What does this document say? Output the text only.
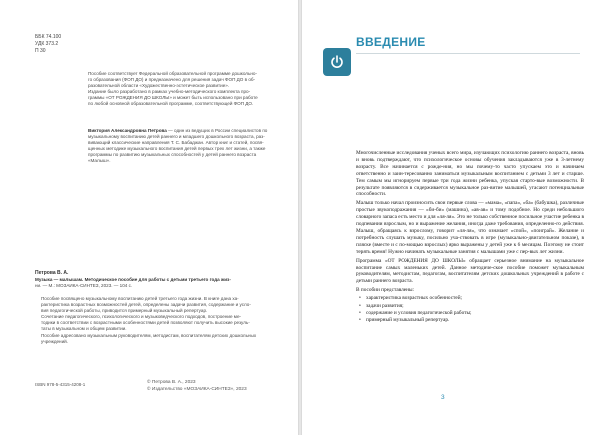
ББК 74.100
УДК 373.2
П 30

Пособие соответствует Федеральной образовательной программе дошкольно-

го образования (ФОП ДО) и предназначено для решения задач ФОП ДО в об-

разовательной области «Художественно-эстетическое развитие».

Издание было разработано в рамках учебно-методического комплекта про-

граммы «ОТ РОЖДЕНИЯ ДО ШКОЛЫ» и может быть использовано при работе

по любой основной образовательной программе, соответствующей ФОП ДО.

Виктория Александровна Петрова — один из ведущих в России специалистов по

музыкальному воспитанию детей раннего и младшего дошкольного возраста, раз-

вивающий классические направления Т. С. Бабаджан. Автор книг и статей, посвя-

щенных методике музыкального воспитания детей первых трех лет жизни, а также

программы по развитию музыкальных способностей у детей раннего возраста

«Малыш».

Петрова В. А.

Музыка — малышам. Методическое пособие для работы с детьми третьего года жиз-

ни. — М.: МОЗАИКА-СИНТЕЗ, 2023. — 104 с.

Пособие посвящено музыкальному воспитанию детей третьего года жизни. В книге дана ха-

рактеристика возрастных возможностей детей, определены задачи развития, содержание и усло-

вия педагогической работы, приводится примерный музыкальный репертуар.

Сочетание педагогического, психологического и музыковедческого подходов, построение ме-

тодики в соответствии с возрастными особенностями детей позволяют получить высокие резуль-

таты в музыкальном и общем развитии.

Пособие адресовано музыкальным руководителям, методистам, воспитателям детских дошкольных

учреждений.

ISBN 978-5-4315-4208-1	© Петрова В. А., 2023
© Издательство «МОЗАИКА-СИНТЕЗ», 2023
ВВЕДЕНИЕ

Многочисленные исследования ученых всего мира, изучающих психологию раннего возраста, вновь и вновь подтверждают, что психологическое основы обучения закладываются уже в 3-летнему возрасту. Все начинается с рожде-ния, но мы почему-то часто упускаем это и начинаем ответственно и заин-тересованно заниматься музыкальным воспитанием с детьми 3 лет и старше. Тем самым мы игнорируем первые три года жизни ребенка, упуская старто-вые возможности. В результате появляются в сидерживается музыкальное раз-витие малышей, угасают потенциальные способности.

Малыш только начал произносить свои первые слова — «мама», «папа», «ба» (бабушка), различные простые звукоподражания — «би-би» (машина), «ав-ав» и тому подобное. Но среди небольшого словарного запаса есть место и для «ля-ля». Это не только собственное посильное участие ребенка в подпевании взрослым, но и выражение желания, иногда даже требования, определенно-го действия. Малыш, обращаясь к взрослому, говорит «ля-ля», что означает «спой», «поиграй». Желание и потребность слушать музыку, посильно уча-ствовать в игре (музыкально-двигательном показе), в пляске (вместе и с по-мощью взрослых) ярко выражены у детей уже к 6 месяцам. Поэтому не стоит терять время! Нужно начинать музыкальные занятия с малышами уже с пер-вых лет жизни.

Программа «ОТ РОЖДЕНИЯ ДО ШКОЛЫ» обращает серьезное внимание на музыкальное воспитание самых маленьких детей. Данное методиче-ское пособие поможет музыкальным руководителям, методистам, педагогам, воспитателям детских дошкольных учреждений в работе с детьми раннего возраста.

В пособии представлены:

• характеристика возрастных особенностей;
• задачи развития;
• содержание и условия педагогической работы;
• примерный музыкальный репертуар.
3
